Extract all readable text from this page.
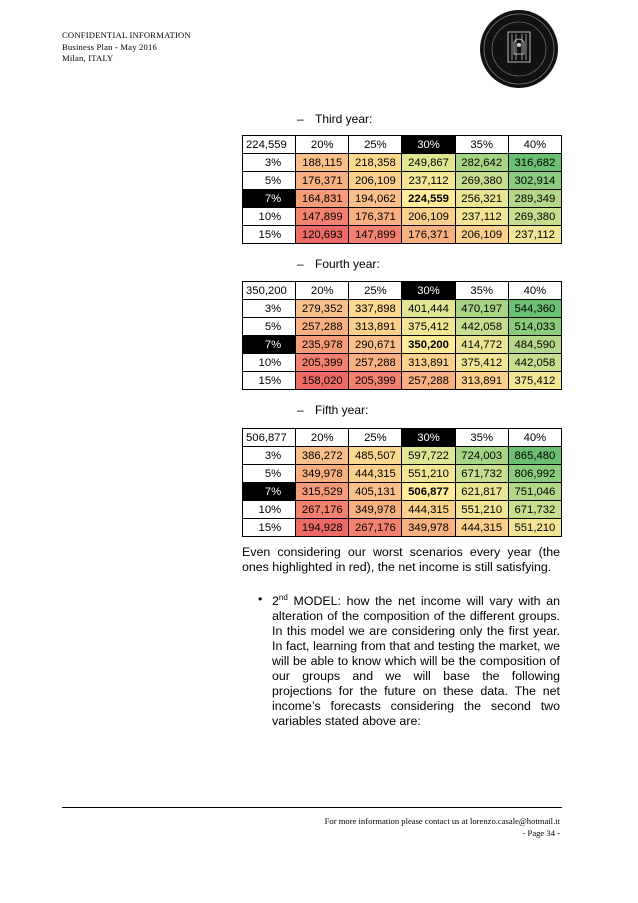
CONFIDENTIAL INFORMATION
Business Plan - May 2016
Milan, ITALY
– Third year:
224,559	20%	25%	30%	35%	40%
3%	188,115	218,358	249,867	282,642	316,682
5%	176,371	206,109	237,112	269,380	302,914
7%	164,831	194,062	224,559	256,321	289,349
10%	147,899	176,371	206,109	237,112	269,380
15%	120,693	147,899	176,371	206,109	237,112
– Fourth year:
350,200	20%	25%	30%	35%	40%
3%	279,352	337,898	401,444	470,197	544,360
5%	257,288	313,891	375,412	442,058	514,033
7%	235,978	290,671	350,200	414,772	484,590
10%	205,399	257,288	313,891	375,412	442,058
15%	158,020	205,399	257,288	313,891	375,412
– Fifth year:
506,877	20%	25%	30%	35%	40%
3%	386,272	485,507	597,722	724,003	865,480
5%	349,978	444,315	551,210	671,732	806,992
7%	315,529	405,131	506,877	621,817	751,046
10%	267,176	349,978	444,315	551,210	671,732
15%	194,928	267,176	349,978	444,315	551,210
Even considering our worst scenarios every year (the ones highlighted in red), the net income is still satisfying.
• 2nd MODEL: how the net income will vary with an alteration of the composition of the different groups. In this model we are considering only the first year. In fact, learning from that and testing the market, we will be able to know which will be the composition of our groups and we will base the following projections for the future on these data. The net income’s forecasts considering the second two variables stated above are:
For more information please contact us at lorenzo.casale@hotmail.it
- Page 34 -
